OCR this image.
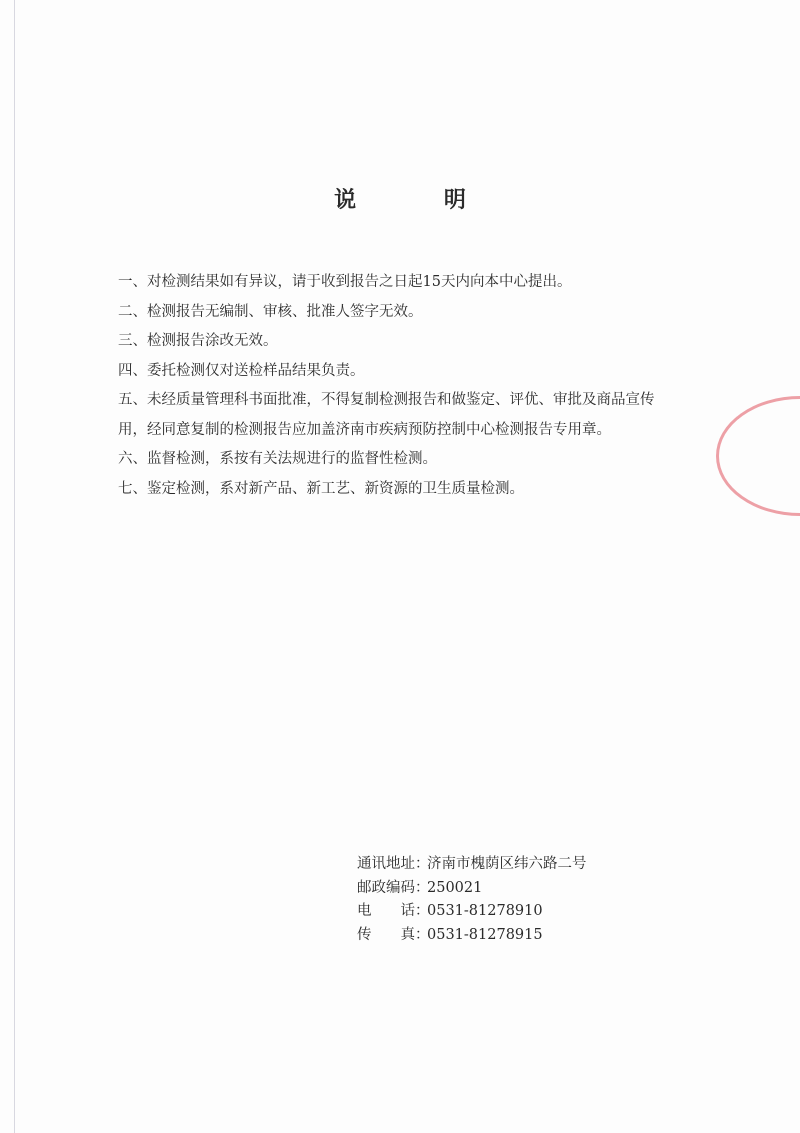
说 明
一、对检测结果如有异议，请于收到报告之日起15天内向本中心提出。
二、检测报告无编制、审核、批准人签字无效。
三、检测报告涂改无效。
四、委托检测仅对送检样品结果负责。
五、未经质量管理科书面批准，不得复制检测报告和做鉴定、评优、审批及商品宣传
用，经同意复制的检测报告应加盖济南市疾病预防控制中心检测报告专用章。
六、监督检测，系按有关法规进行的监督性检测。
七、鉴定检测，系对新产品、新工艺、新资源的卫生质量检测。
通讯地址：济南市槐荫区纬六路二号
邮政编码：250021
电　　话：0531-81278910
传　　真：0531-81278915
